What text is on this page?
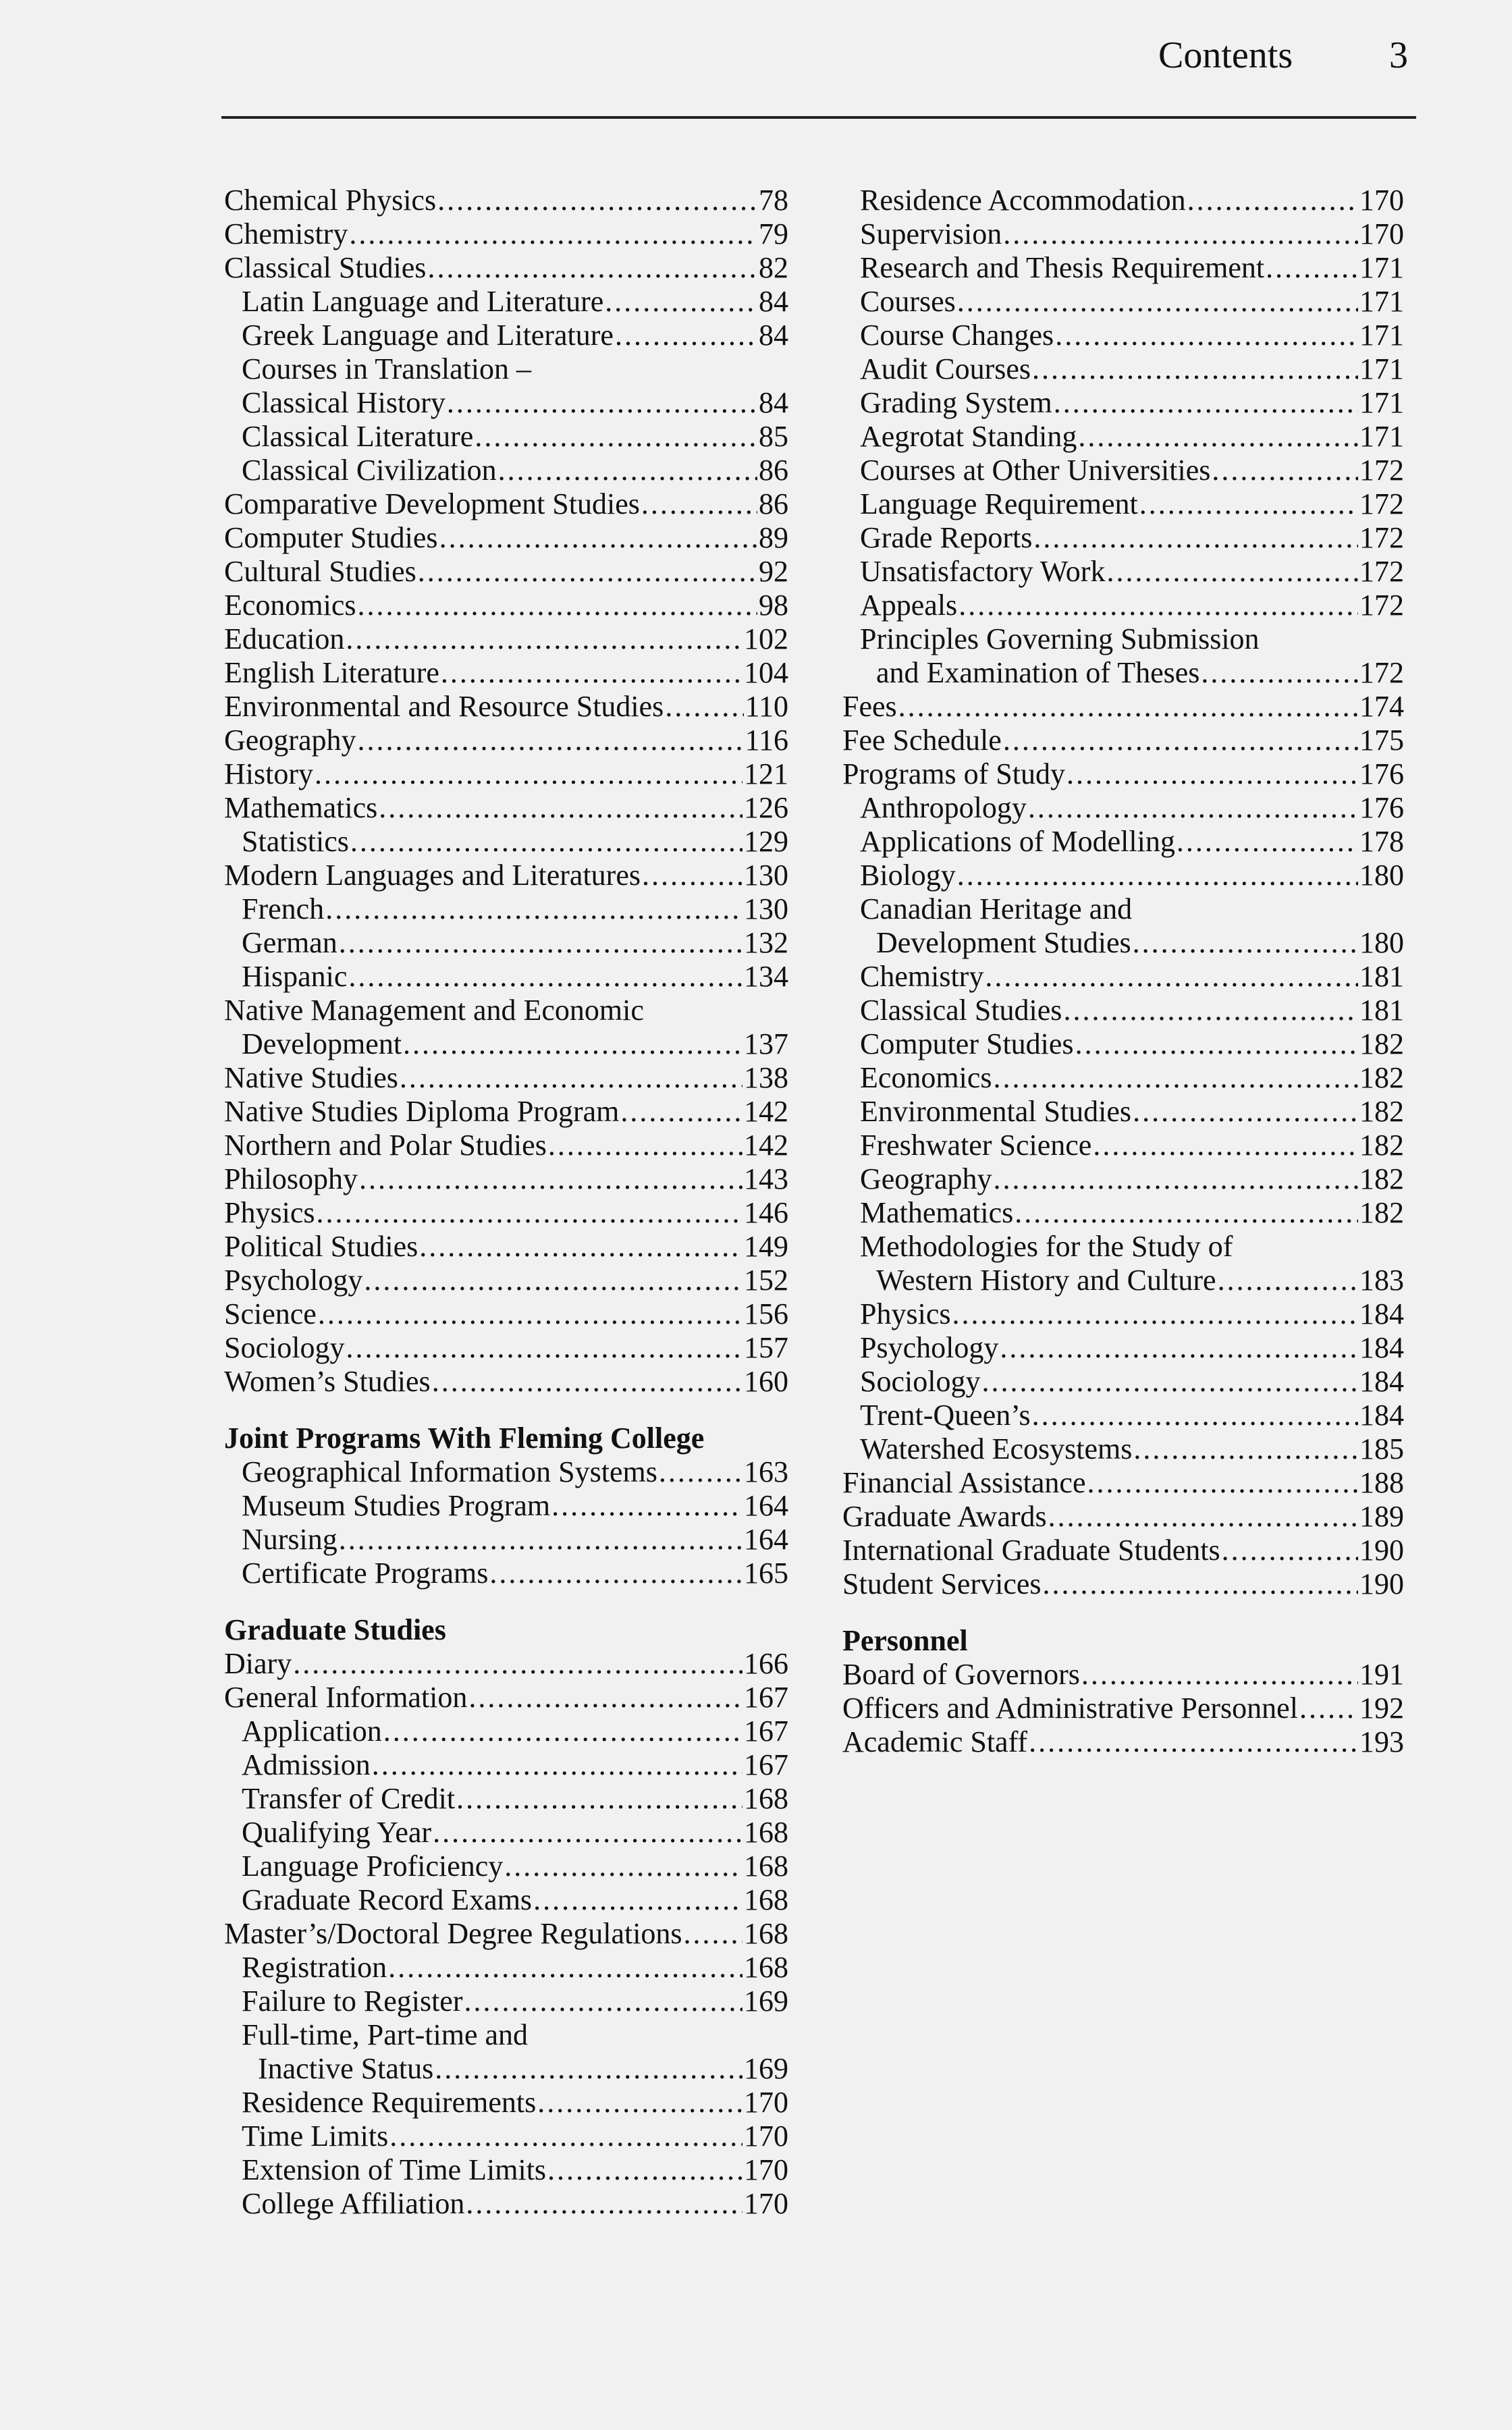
Contents	3
Chemical Physics .....	78
Chemistry .....	79
Classical Studies .....	82
Latin Language and Literature .....	84
Greek Language and Literature .....	84
Courses in Translation –
Classical History .....	84
Classical Literature .....	85
Classical Civilization .....	86
Comparative Development Studies .....	86
Computer Studies .....	89
Cultural Studies .....	92
Economics .....	98
Education .....	102
English Literature .....	104
Environmental and Resource Studies .....	110
Geography .....	116
History .....	121
Mathematics .....	126
Statistics .....	129
Modern Languages and Literatures .....	130
French .....	130
German .....	132
Hispanic .....	134
Native Management and Economic
Development .....	137
Native Studies .....	138
Native Studies Diploma Program .....	142
Northern and Polar Studies .....	142
Philosophy .....	143
Physics .....	146
Political Studies .....	149
Psychology .....	152
Science .....	156
Sociology .....	157
Women’s Studies .....	160
Joint Programs With Fleming College
Geographical Information Systems .....	163
Museum Studies Program .....	164
Nursing .....	164
Certificate Programs .....	165
Graduate Studies
Diary .....	166
General Information .....	167
Application .....	167
Admission .....	167
Transfer of Credit .....	168
Qualifying Year .....	168
Language Proficiency .....	168
Graduate Record Exams .....	168
Master’s/Doctoral Degree Regulations ..... 168
Registration .....	168
Failure to Register .....	169
Full-time, Part-time and
Inactive Status .....	169
Residence Requirements .....	170
Time Limits .....	170
Extension of Time Limits .....	170
College Affiliation .....	170
Residence Accommodation .....	170
Supervision .....	170
Research and Thesis Requirement .....	171
Courses .....	171
Course Changes .....	171
Audit Courses .....	171
Grading System .....	171
Aegrotat Standing .....	171
Courses at Other Universities .....	172
Language Requirement .....	172
Grade Reports .....	172
Unsatisfactory Work .....	172
Appeals .....	172
Principles Governing Submission
and Examination of Theses .....	172
Fees .....	174
Fee Schedule .....	175
Programs of Study .....	176
Anthropology .....	176
Applications of Modelling .....	178
Biology .....	180
Canadian Heritage and
Development Studies .....	180
Chemistry .....	181
Classical Studies .....	181
Computer Studies .....	182
Economics .....	182
Environmental Studies .....	182
Freshwater Science .....	182
Geography .....	182
Mathematics .....	182
Methodologies for the Study of
Western History and Culture .....	183
Physics .....	184
Psychology .....	184
Sociology .....	184
Trent-Queen’s .....	184
Watershed Ecosystems .....	185
Financial Assistance .....	188
Graduate Awards .....	189
International Graduate Students .....	190
Student Services .....	190
Personnel
Board of Governors .....	191
Officers and Administrative Personnel ..... 192
Academic Staff .....	193
